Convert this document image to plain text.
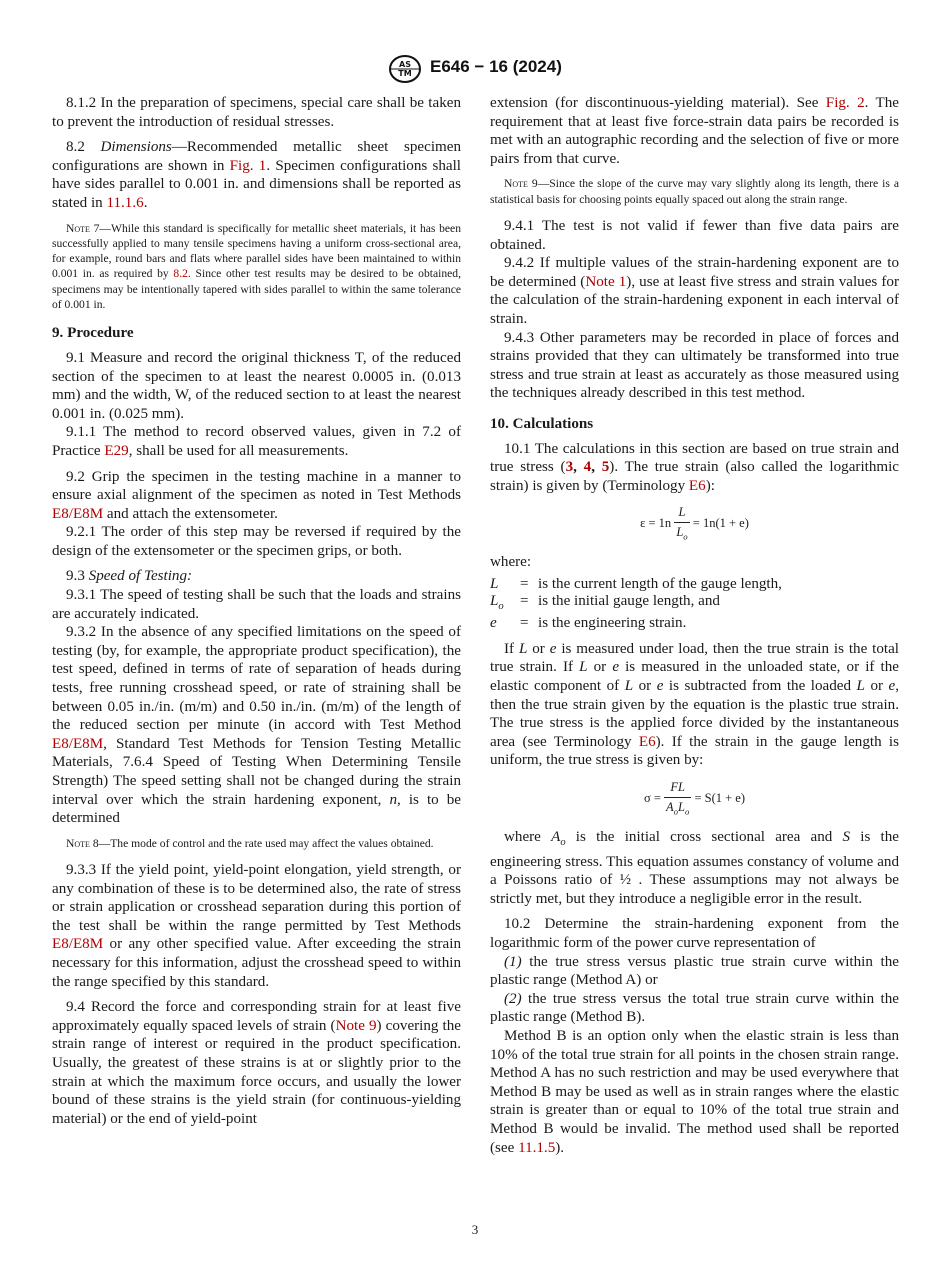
AS
TM E646 − 16 (2024)

8.1.2 In the preparation of specimens, special care shall be taken to prevent the introduction of residual stresses.

8.2 Dimensions—Recommended metallic sheet specimen configurations are shown in Fig. 1. Specimen configurations shall have sides parallel to 0.001 in. and dimensions shall be reported as stated in 11.1.6.

Note 7—While this standard is specifically for metallic sheet materials, it has been successfully applied to many tensile specimens having a uniform cross-sectional area, for example, round bars and flats where parallel sides have been maintained to within 0.001 in. as required by 8.2. Since other test results may be desired to be obtained, specimens may be intentionally tapered with sides parallel to within the same tolerance of 0.001 in.
9. Procedure

9.1 Measure and record the original thickness T, of the reduced section of the specimen to at least the nearest 0.0005 in. (0.013 mm) and the width, W, of the reduced section to at least the nearest 0.001 in. (0.025 mm).

9.1.1 The method to record observed values, given in 7.2 of Practice E29, shall be used for all measurements.

9.2 Grip the specimen in the testing machine in a manner to ensure axial alignment of the specimen as noted in Test Methods E8/E8M and attach the extensometer.

9.2.1 The order of this step may be reversed if required by the design of the extensometer or the specimen grips, or both.

9.3 Speed of Testing:

9.3.1 The speed of testing shall be such that the loads and strains are accurately indicated.

9.3.2 In the absence of any specified limitations on the speed of testing (by, for example, the appropriate product specification), the test speed, defined in terms of rate of separation of heads during tests, free running crosshead speed, or rate of straining shall be between 0.05 in./in. (m/m) and 0.50 in./in. (m/m) of the length of the reduced section per minute (in accord with Test Method E8/E8M, Standard Test Methods for Tension Testing Metallic Materials, 7.6.4 Speed of Testing When Determining Tensile Strength) The speed setting shall not be changed during the strain interval over which the strain hardening exponent, n, is to be determined

Note 8—The mode of control and the rate used may affect the values obtained.

9.3.3 If the yield point, yield-point elongation, yield strength, or any combination of these is to be determined also, the rate of stress or strain application or crosshead separation during this portion of the test shall be within the range permitted by Test Methods E8/E8M or any other specified value. After exceeding the strain necessary for this information, adjust the crosshead speed to within the range specified by this standard.

9.4 Record the force and corresponding strain for at least five approximately equally spaced levels of strain (Note 9) covering the strain range of interest or required in the product specification. Usually, the greatest of these strains is at or slightly prior to the strain at which the maximum force occurs, and usually the lower bound of these strains is the yield strain (for continuous-yielding material) or the end of yield-point

extension (for discontinuous-yielding material). See Fig. 2. The requirement that at least five force-strain data pairs be recorded is met with an autographic recording and the selection of five or more pairs from that curve.

Note 9—Since the slope of the curve may vary slightly along its length, there is a statistical basis for choosing points equally spaced out along the strain range.

9.4.1 The test is not valid if fewer than five data pairs are obtained.

9.4.2 If multiple values of the strain-hardening exponent are to be determined (Note 1), use at least five stress and strain values for the calculation of the strain-hardening exponent in each interval of strain.

9.4.3 Other parameters may be recorded in place of forces and strains provided that they can ultimately be transformed into true stress and true strain at least as accurately as those measured using the techniques already described in this test method.

10. Calculations

10.1 The calculations in this section are based on true strain and true stress (3, 4, 5). The true strain (also called the logarithmic strain) is given by (Terminology E6):

$\varepsilon = 1n \frac{L}{L_o} = 1n(1 + e)$
where:
L	= is the current length of the gauge length,
$L_o$	= is the initial gauge length, and
e	= is the engineering strain.

If L or e is measured under load, then the true strain is the total true strain. If L or e is measured in the unloaded state, or if the elastic component of L or e is subtracted from the loaded L or e, then the true strain given by the equation is the plastic true strain. The true stress is the applied force divided by the instantaneous area (see Terminology E6). If the strain in the gauge length is uniform, the true stress is given by:

$\sigma = \frac{FL}{A_oL_o} = S(1 + e)$

where $A_o$ is the initial cross sectional area and S is the engineering stress. This equation assumes constancy of volume and a Poissons ratio of ½ . These assumptions may not always be strictly met, but they introduce a negligible error in the result.

10.2 Determine the strain-hardening exponent from the logarithmic form of the power curve representation of

(1) the true stress versus plastic true strain curve within the plastic range (Method A) or

(2) the true stress versus the total true strain curve within the plastic range (Method B).

Method B is an option only when the elastic strain is less than 10% of the total true strain for all points in the chosen strain range. Method A has no such restriction and may be used everywhere that Method B may be used as well as in strain ranges where the elastic strain is greater than or equal to 10% of the total true strain and Method B would be invalid. The method used shall be reported (see 11.1.5).

3
